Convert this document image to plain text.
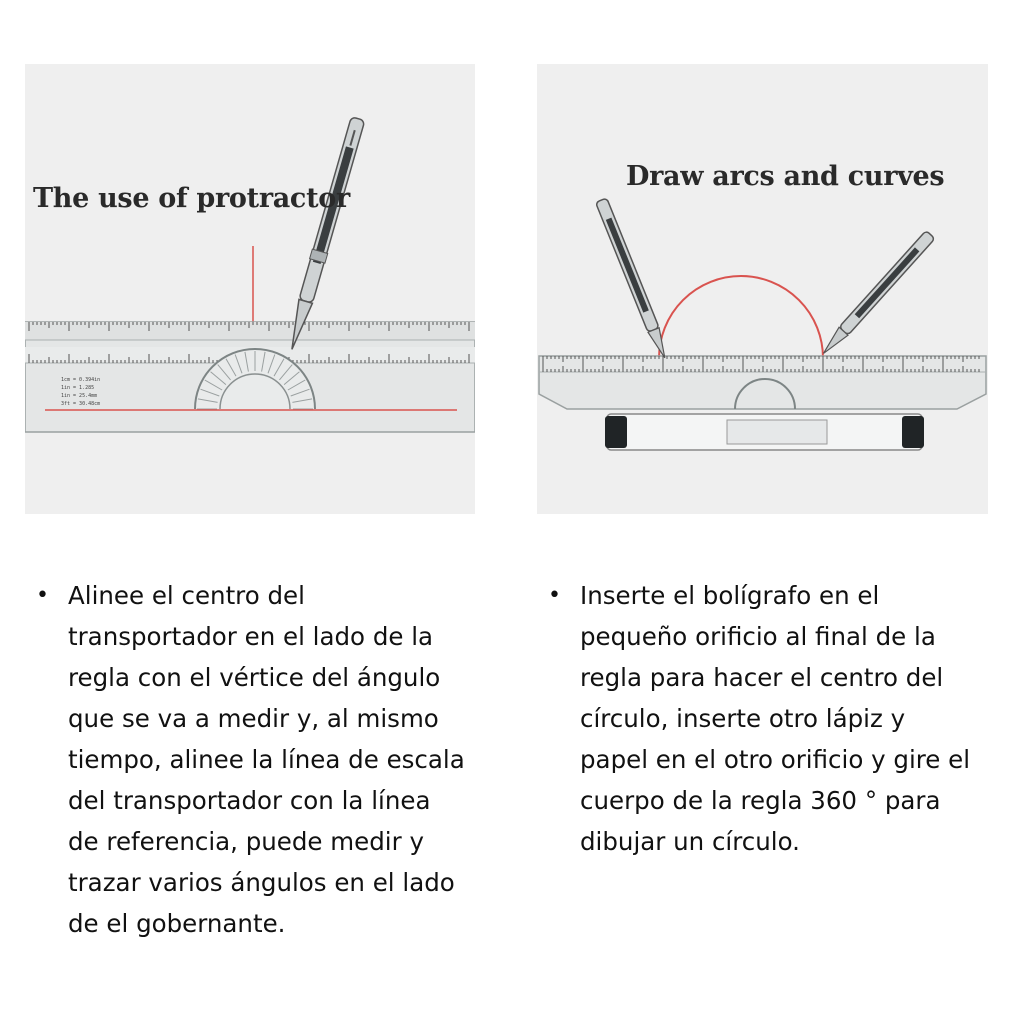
The use of protractor
1cm = 0.394in
1in = 1.285
1in = 25.4mm
3ft = 30.48cm
Draw arcs and curves
• Alinee el centro del
transportador en el lado de la
regla con el vértice del ángulo
que se va a medir y, al mismo
tiempo, alinee la línea de escala
del transportador con la línea
de referencia, puede medir y
trazar varios ángulos en el lado
de el gobernante.
• Inserte el bolígrafo en el
pequeño orificio al final de la
regla para hacer el centro del
círculo, inserte otro lápiz y
papel en el otro orificio y gire el
cuerpo de la regla 360 ° para
dibujar un círculo.
